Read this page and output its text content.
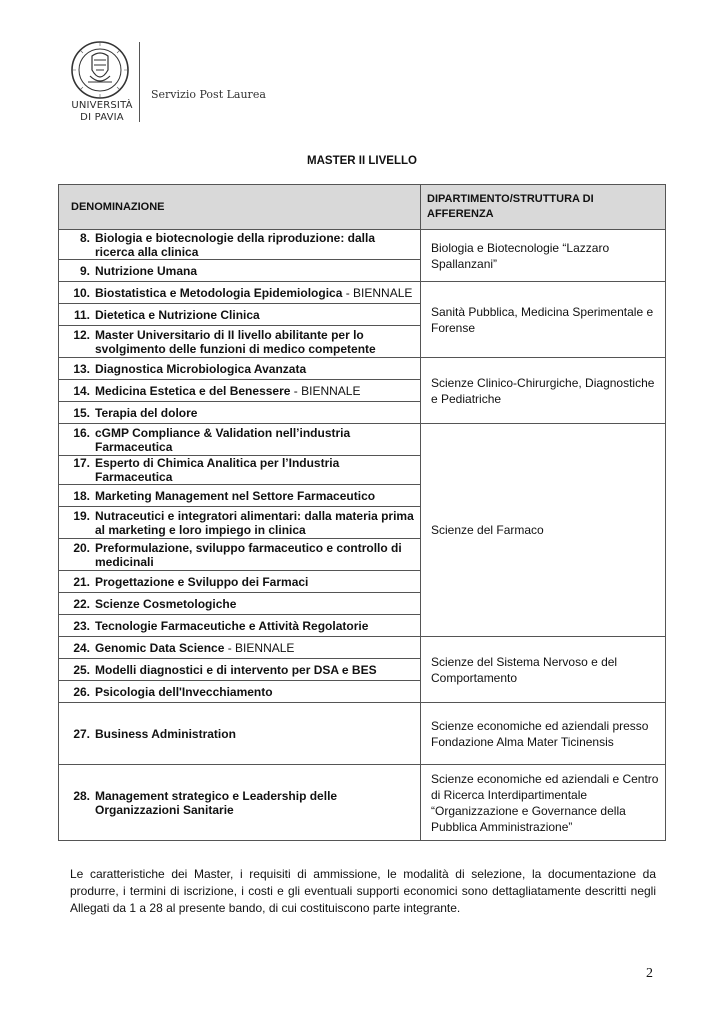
UNIVERSITÀ
DI PAVIA
Servizio Post Laurea
MASTER II LIVELLO
DENOMINAZIONE	DIPARTIMENTO/STRUTTURA DI AFFERENZA

8. Biologia e biotecnologie della riproduzione: dalla ricerca alla clinica	Biologia e Biotecnologie “Lazzaro Spallanzani”

9. Nutrizione Umana	

10. Biostatistica e Metodologia Epidemiologica - BIENNALE	Sanità Pubblica, Medicina Sperimentale e Forense

11. Dietetica e Nutrizione Clinica	

12. Master Universitario di II livello abilitante per lo svolgimento delle funzioni di medico competente	

13. Diagnostica Microbiologica Avanzata	Scienze Clinico-Chirurgiche, Diagnostiche e Pediatriche

14. Medicina Estetica e del Benessere - BIENNALE	

15. Terapia del dolore	

16. cGMP Compliance & Validation nell’industria Farmaceutica	Scienze del Farmaco

17. Esperto di Chimica Analitica per l’Industria Farmaceutica	

18. Marketing Management nel Settore Farmaceutico	

19. Nutraceutici e integratori alimentari: dalla materia prima al marketing e loro impiego in clinica	

20. Preformulazione, sviluppo farmaceutico e controllo di medicinali	

21. Progettazione e Sviluppo dei Farmaci	

22. Scienze Cosmetologiche	

23. Tecnologie Farmaceutiche e Attività Regolatorie	

24. Genomic Data Science - BIENNALE	Scienze del Sistema Nervoso e del Comportamento

25. Modelli diagnostici e di intervento per DSA e BES	

26. Psicologia dell'Invecchiamento	

27. Business Administration	Scienze economiche ed aziendali presso Fondazione Alma Mater Ticinensis

28. Management strategico e Leadership delle Organizzazioni Sanitarie	Scienze economiche ed aziendali e Centro di Ricerca Interdipartimentale “Organizzazione e Governance della Pubblica Amministrazione”
Le caratteristiche dei Master, i requisiti di ammissione, le modalità di selezione, la documentazione da produrre, i termini di iscrizione, i costi e gli eventuali supporti economici sono dettagliatamente descritti negli Allegati da 1 a 28 al presente bando, di cui costituiscono parte integrante.
2
